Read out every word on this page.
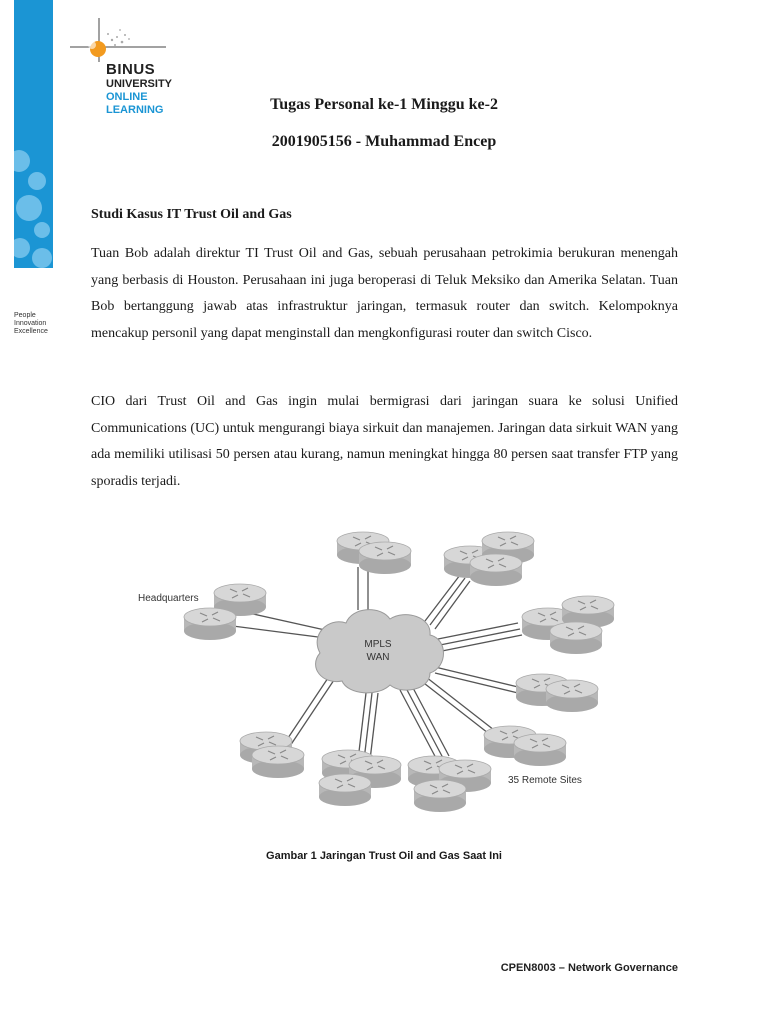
People
Innovation
Excellence
BINUS
UNIVERSITY
ONLINE
LEARNING	Tugas Personal ke-1 Minggu ke-2
2001905156 - Muhammad Encep
Studi Kasus IT Trust Oil and Gas
Tuan Bob adalah direktur TI Trust Oil and Gas, sebuah perusahaan petrokimia berukuran menengah yang berbasis di Houston. Perusahaan ini juga beroperasi di Teluk Meksiko dan Amerika Selatan. Tuan Bob bertanggung jawab atas infrastruktur jaringan, termasuk router dan switch. Kelompoknya mencakup personil yang dapat menginstall dan mengkonfigurasi router dan switch Cisco.
CIO dari Trust Oil and Gas ingin mulai bermigrasi dari jaringan suara ke solusi Unified Communications (UC) untuk mengurangi biaya sirkuit dan manajemen. Jaringan data sirkuit WAN yang ada memiliki utilisasi 50 persen atau kurang, namun meningkat hingga 80 persen saat transfer FTP yang sporadis terjadi.
MPLS
WAN
Headquarters
35 Remote Sites
Gambar 1 Jaringan Trust Oil and Gas Saat Ini
CPEN8003 – Network Governance
